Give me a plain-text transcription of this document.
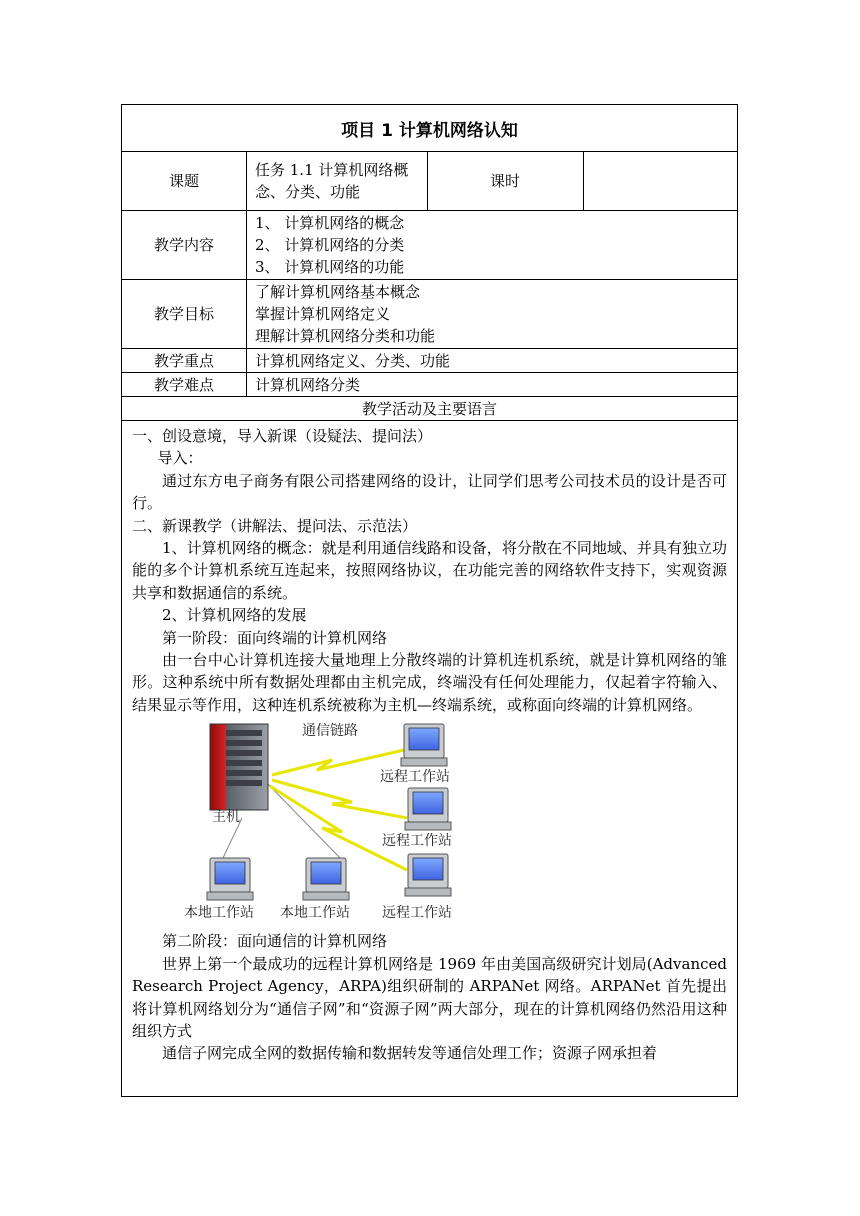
项目 1 计算机网络认知
课题
任务 1.1 计算机网络概念、分类、功能
课时
教学内容
1、 计算机网络的概念
2、 计算机网络的分类
3、 计算机网络的功能
教学目标
了解计算机网络基本概念
掌握计算机网络定义
理解计算机网络分类和功能
教学重点	计算机网络定义、分类、功能
教学难点	计算机网络分类
教学活动及主要语言

一、创设意境，导入新课（设疑法、提问法）

导入：

通过东方电子商务有限公司搭建网络的设计，让同学们思考公司技术员的设计是否可行。

二、新课教学（讲解法、提问法、示范法）

1、计算机网络的概念：就是利用通信线路和设备，将分散在不同地域、并具有独立功能的多个计算机系统互连起来，按照网络协议，在功能完善的网络软件支持下，实观资源共享和数据通信的系统。

2、计算机网络的发展

第一阶段：面向终端的计算机网络

由一台中心计算机连接大量地理上分散终端的计算机连机系统，就是计算机网络的雏形。这种系统中所有数据处理都由主机完成，终端没有任何处理能力，仅起着字符输入、结果显示等作用，这种连机系统被称为主机—终端系统，或称面向终端的计算机网络。

通信链路
主机
远程工作站
远程工作站
远程工作站
本地工作站 本地工作站

第二阶段：面向通信的计算机网络

世界上第一个最成功的远程计算机网络是 1969 年由美国高级研究计划局(Advanced Research Project Agency，ARPA)组织研制的 ARPANet 网络。ARPANet 首先提出将计算机网络划分为“通信子网”和“资源子网”两大部分，现在的计算机网络仍然沿用这种组织方式

通信子网完成全网的数据传输和数据转发等通信处理工作；资源子网承担着
